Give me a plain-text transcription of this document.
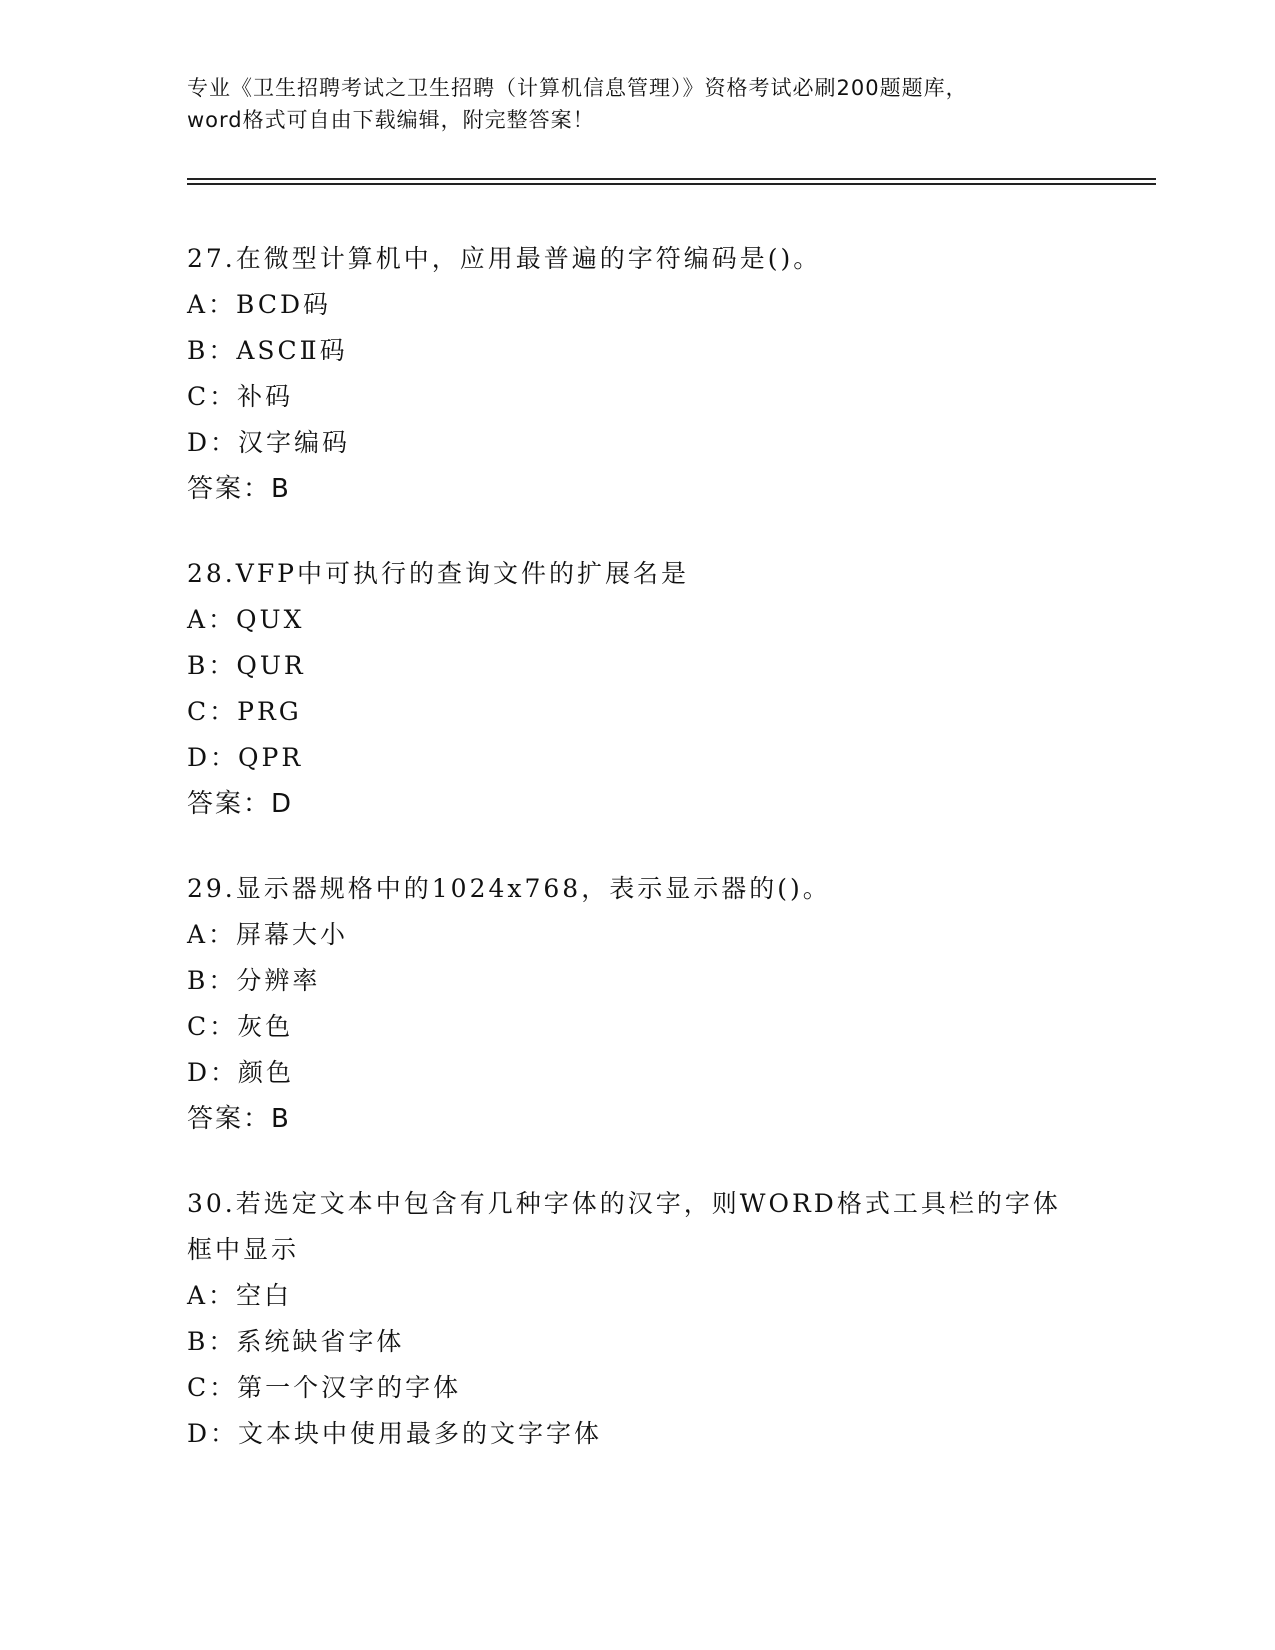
专业《卫生招聘考试之卫生招聘（计算机信息管理）》资格考试必刷200题题库，
word格式可自由下载编辑，附完整答案！
27.在微型计算机中，应用最普遍的字符编码是()。
A：BCD码
B：ASCⅡ码
C：补码
D：汉字编码
答案：B
28.VFP中可执行的查询文件的扩展名是
A：QUX
B：QUR
C：PRG
D：QPR
答案：D
29.显示器规格中的1024x768，表示显示器的()。
A：屏幕大小
B：分辨率
C：灰色
D：颜色
答案：B
30.若选定文本中包含有几种字体的汉字，则WORD格式工具栏的字体
框中显示
A：空白
B：系统缺省字体
C：第一个汉字的字体
D：文本块中使用最多的文字字体
